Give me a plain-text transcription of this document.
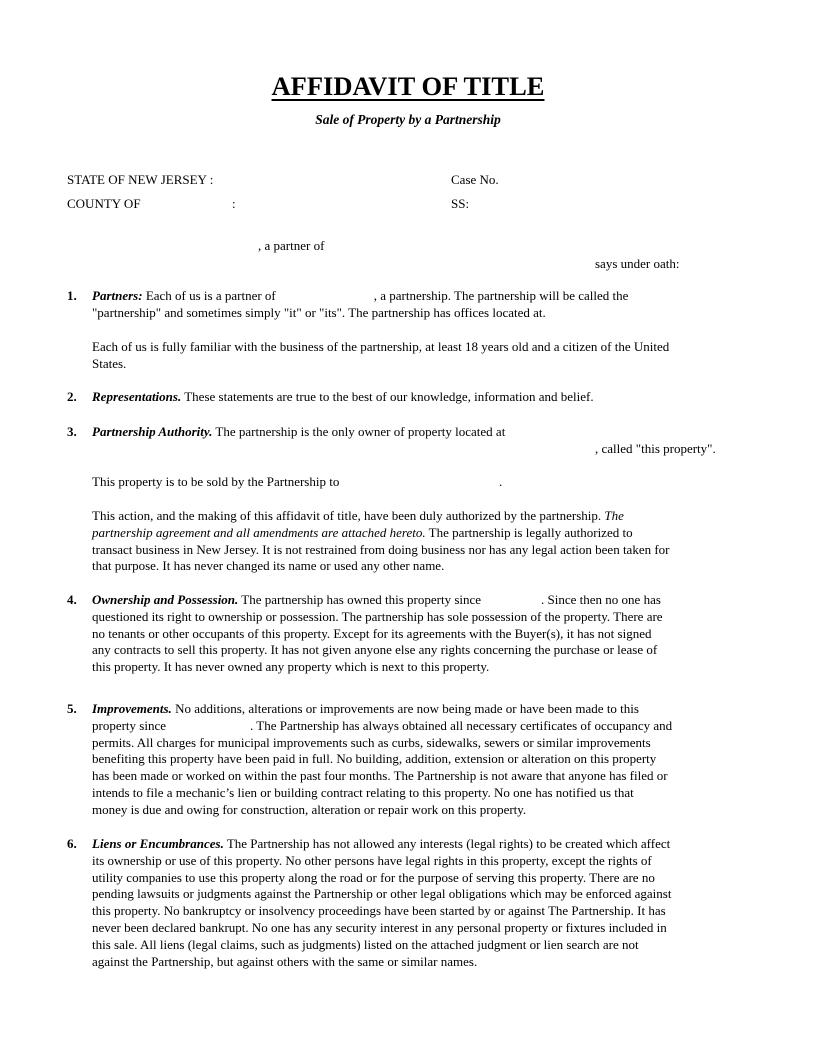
AFFIDAVIT OF TITLE
Sale of Property by a Partnership
STATE OF NEW JERSEY :	Case No.
COUNTY OF	:	SS:
, a partner of
says under oath:
1. Partners: Each of us is a partner of	, a partnership. The partnership will be called the
"partnership" and sometimes simply "it" or "its". The partnership has offices located at.
Each of us is fully familiar with the business of the partnership, at least 18 years old and a citizen of the United
States.
2. Representations. These statements are true to the best of our knowledge, information and belief.
3. Partnership Authority. The partnership is the only owner of property located at
, called "this property".
This property is to be sold by the Partnership to	.
This action, and the making of this affidavit of title, have been duly authorized by the partnership. The
partnership agreement and all amendments are attached hereto. The partnership is legally authorized to
transact business in New Jersey. It is not restrained from doing business nor has any legal action been taken for
that purpose. It has never changed its name or used any other name.
4. Ownership and Possession. The partnership has owned this property since	. Since then no one has
questioned its right to ownership or possession. The partnership has sole possession of the property. There are
no tenants or other occupants of this property. Except for its agreements with the Buyer(s), it has not signed
any contracts to sell this property. It has not given anyone else any rights concerning the purchase or lease of
this property. It has never owned any property which is next to this property.
5. Improvements. No additions, alterations or improvements are now being made or have been made to this
property since	. The Partnership has always obtained all necessary certificates of occupancy and
permits. All charges for municipal improvements such as curbs, sidewalks, sewers or similar improvements
benefiting this property have been paid in full. No building, addition, extension or alteration on this property
has been made or worked on within the past four months. The Partnership is not aware that anyone has filed or
intends to file a mechanic’s lien or building contract relating to this property. No one has notified us that
money is due and owing for construction, alteration or repair work on this property.
6. Liens or Encumbrances. The Partnership has not allowed any interests (legal rights) to be created which affect
its ownership or use of this property. No other persons have legal rights in this property, except the rights of
utility companies to use this property along the road or for the purpose of serving this property. There are no
pending lawsuits or judgments against the Partnership or other legal obligations which may be enforced against
this property. No bankruptcy or insolvency proceedings have been started by or against The Partnership. It has
never been declared bankrupt. No one has any security interest in any personal property or fixtures included in
this sale. All liens (legal claims, such as judgments) listed on the attached judgment or lien search are not
against the Partnership, but against others with the same or similar names.
